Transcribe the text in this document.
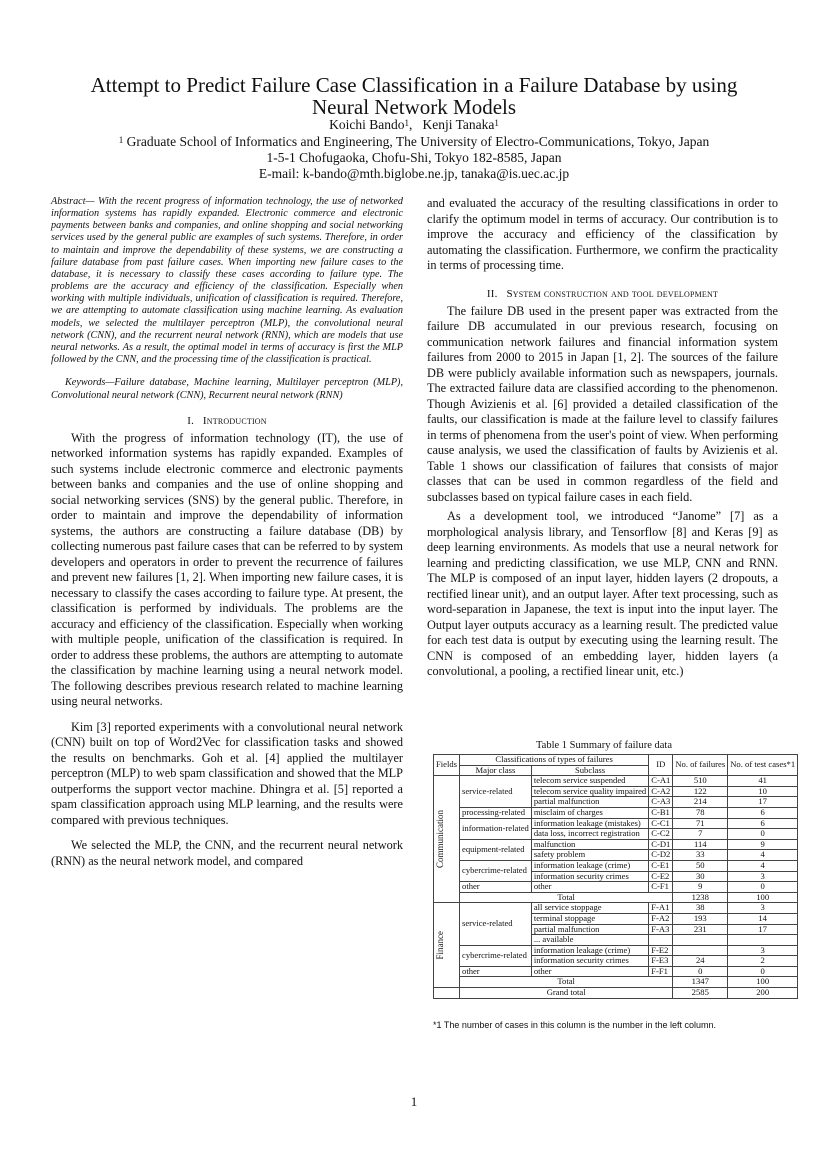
Attempt to Predict Failure Case Classification in a Failure Database by using Neural Network Models
Koichi Bando$^1$,   Kenji Tanaka$^1$

$^1$ Graduate School of Informatics and Engineering, The University of Electro-Communications, Tokyo, Japan

1-5-1 Chofugaoka, Chofu-Shi, Tokyo 182-8585, Japan

E-mail: k-bando@mth.biglobe.ne.jp, tanaka@is.uec.ac.jp

Abstract— With the recent progress of information technology, the use of networked information systems has rapidly expanded. Electronic commerce and electronic payments between banks and companies, and online shopping and social networking services used by the general public are examples of such systems. Therefore, in order to maintain and improve the dependability of these systems, we are constructing a failure database from past failure cases. When importing new failure cases to the database, it is necessary to classify these cases according to failure type. The problems are the accuracy and efficiency of the classification. Especially when working with multiple individuals, unification of classification is required. Therefore, we are attempting to automate classification using machine learning. As evaluation models, we selected the multilayer perceptron (MLP), the convolutional neural network (CNN), and the recurrent neural network (RNN), which are models that use neural networks. As a result, the optimal model in terms of accuracy is first the MLP followed by the CNN, and the processing time of the classification is practical.

Keywords—Failure database, Machine learning, Multilayer perceptron (MLP), Convolutional neural network (CNN), Recurrent neural network (RNN)

I. Introduction

With the progress of information technology (IT), the use of networked information systems has rapidly expanded. Examples of such systems include electronic commerce and electronic payments between banks and companies and the use of online shopping and social networking services (SNS) by the general public. Therefore, in order to maintain and improve the dependability of information systems, the authors are constructing a failure database (DB) by collecting numerous past failure cases that can be referred to by system developers and operators in order to prevent the recurrence of failures and prevent new failures [1, 2]. When importing new failure cases, it is necessary to classify the cases according to failure type. At present, the classification is performed by individuals. The problems are the accuracy and efficiency of the classification. Especially when working with multiple people, unification of the classification is required. In order to address these problems, the authors are attempting to automate the classification by machine learning using a neural network model. The following describes previous research related to machine learning using neural networks.

Kim [3] reported experiments with a convolutional neural network (CNN) built on top of Word2Vec for classification tasks and showed the results on benchmarks. Goh et al. [4] applied the multilayer perceptron (MLP) to web spam classification and showed that the MLP outperforms the support vector machine. Dhingra et al. [5] reported a spam classification approach using MLP learning, and the results were compared with previous techniques.

We selected the MLP, the CNN, and the recurrent neural network (RNN) as the neural network model, and compared

and evaluated the accuracy of the resulting classifications in order to clarify the optimum model in terms of accuracy. Our contribution is to improve the accuracy and efficiency of the classification by automating the classification. Furthermore, we confirm the practicality in terms of processing time.

II. System construction and tool development

The failure DB used in the present paper was extracted from the failure DB accumulated in our previous research, focusing on communication network failures and financial information system failures from 2000 to 2015 in Japan [1, 2]. The sources of the failure DB were publicly available information such as newspapers, journals. The extracted failure data are classified according to the phenomenon. Though Avizienis et al. [6] provided a detailed classification of the faults, our classification is made at the failure level to classify failures in terms of phenomena from the user's point of view. When performing cause analysis, we used the classification of faults by Avizienis et al. Table 1 shows our classification of failures that consists of major classes that can be used in common regardless of the field and subclasses based on typical failure cases in each field.

As a development tool, we introduced “Janome” [7] as a morphological analysis library, and Tensorflow [8] and Keras [9] as deep learning environments. As models that use a neural network for learning and predicting classification, we use MLP, CNN and RNN. The MLP is composed of an input layer, hidden layers (2 dropouts, a rectified linear unit), and an output layer. After text processing, such as word-separation in Japanese, the text is input into the input layer. The Output layer outputs accuracy as a learning result. The predicted value for each test data is output by executing using the learning result. The CNN is composed of an embedding layer, hidden layers (a convolutional, a pooling, a rectified linear unit, etc.)

Table 1 Summary of failure data
Fields	Classifications of types of failures		ID	No. of failures	No. of test cases*1
	Major class	Subclass			

Communication	service-related	telecom service suspended	C-A1	510	41
		telecom service quality impaired	C-A2	122	10
		partial malfunction	C-A3	214	17
	processing-related	misclaim of charges	C-B1	78	6
	information-related	information leakage (mistakes)	C-C1	71	6
		data loss, incorrect registration	C-C2	7	0
	equipment-related	malfunction	C-D1	114	9
		safety problem	C-D2	33	4
	cybercrime-related	information leakage (crime)	C-E1	50	4
		information security crimes	C-E2	30	3
	other	other	C-F1	9	0
	Total			1238	100

Finance	service-related	all service stoppage	F-A1	38	3
		terminal stoppage	F-A2	193	14
		partial malfunction	F-A3	231	17
		... available			
	cybercrime-related	information leakage (crime)	F-E2		3
		information security crimes	F-E3	24	2
	other	other	F-F1	0	0
	Total			1347	100
	Grand total			2585	200
*1 The number of cases in this column is the number in the left column.
1
